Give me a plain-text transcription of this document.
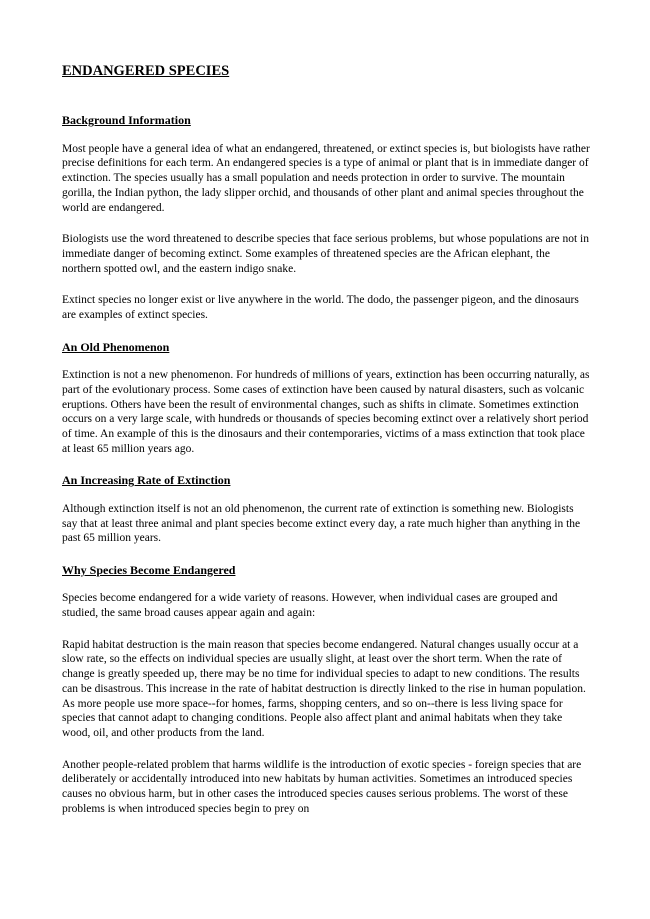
ENDANGERED SPECIES
Background Information

Most people have a general idea of what an endangered, threatened, or extinct species is, but biologists have rather precise definitions for each term. An endangered species is a type of animal or plant that is in immediate danger of extinction. The species usually has a small population and needs protection in order to survive. The mountain gorilla, the Indian python, the lady slipper orchid, and thousands of other plant and animal species throughout the world are endangered.

Biologists use the word threatened to describe species that face serious problems, but whose populations are not in immediate danger of becoming extinct. Some examples of threatened species are the African elephant, the northern spotted owl, and the eastern indigo snake.

Extinct species no longer exist or live anywhere in the world. The dodo, the passenger pigeon, and the dinosaurs are examples of extinct species.

An Old Phenomenon

Extinction is not a new phenomenon. For hundreds of millions of years, extinction has been occurring naturally, as part of the evolutionary process. Some cases of extinction have been caused by natural disasters, such as volcanic eruptions. Others have been the result of environmental changes, such as shifts in climate. Sometimes extinction occurs on a very large scale, with hundreds or thousands of species becoming extinct over a relatively short period of time. An example of this is the dinosaurs and their contemporaries, victims of a mass extinction that took place at least 65 million years ago.

An Increasing Rate of Extinction

Although extinction itself is not an old phenomenon, the current rate of extinction is something new. Biologists say that at least three animal and plant species become extinct every day, a rate much higher than anything in the past 65 million years.

Why Species Become Endangered

Species become endangered for a wide variety of reasons. However, when individual cases are grouped and studied, the same broad causes appear again and again:

Rapid habitat destruction is the main reason that species become endangered. Natural changes usually occur at a slow rate, so the effects on individual species are usually slight, at least over the short term. When the rate of change is greatly speeded up, there may be no time for individual species to adapt to new conditions. The results can be disastrous. This increase in the rate of habitat destruction is directly linked to the rise in human population. As more people use more space--for homes, farms, shopping centers, and so on--there is less living space for species that cannot adapt to changing conditions. People also affect plant and animal habitats when they take wood, oil, and other products from the land.

Another people-related problem that harms wildlife is the introduction of exotic species - foreign species that are deliberately or accidentally introduced into new habitats by human activities. Sometimes an introduced species causes no obvious harm, but in other cases the introduced species causes serious problems. The worst of these problems is when introduced species begin to prey on
